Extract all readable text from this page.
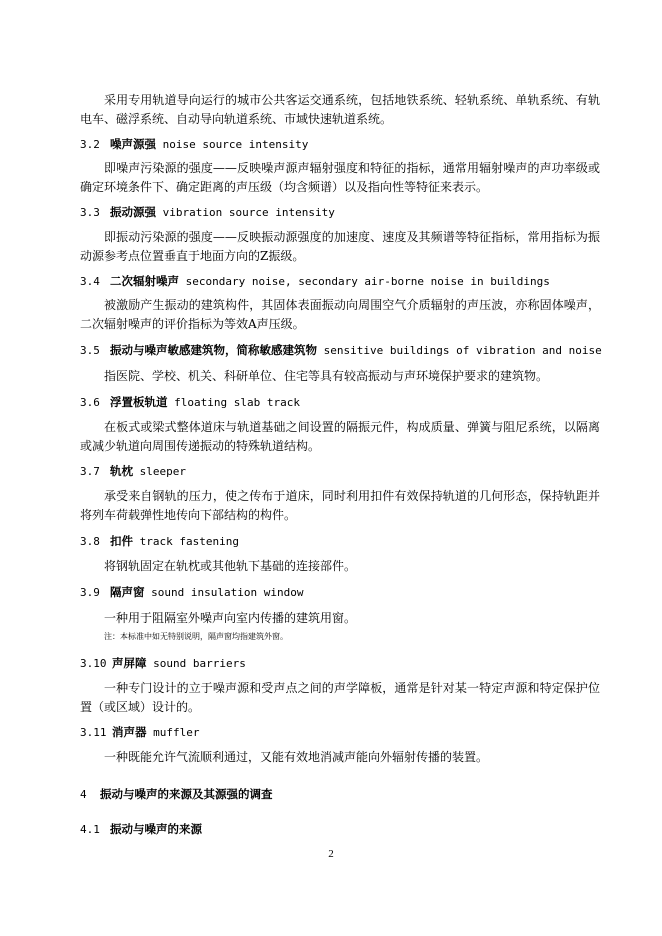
采用专用轨道导向运行的城市公共客运交通系统，包括地铁系统、轻轨系统、单轨系统、有轨电车、磁浮系统、自动导向轨道系统、市域快速轨道系统。

3.2 噪声源强 noise source intensity

即噪声污染源的强度——反映噪声源声辐射强度和特征的指标，通常用辐射噪声的声功率级或确定环境条件下、确定距离的声压级（均含频谱）以及指向性等特征来表示。

3.3 振动源强 vibration source intensity

即振动污染源的强度——反映振动源强度的加速度、速度及其频谱等特征指标，常用指标为振动源参考点位置垂直于地面方向的Z振级。

3.4 二次辐射噪声 secondary noise, secondary air-borne noise in buildings

被激励产生振动的建筑构件，其固体表面振动向周围空气介质辐射的声压波，亦称固体噪声，二次辐射噪声的评价指标为等效A声压级。

3.5 振动与噪声敏感建筑物，简称敏感建筑物 sensitive buildings of vibration and noise

指医院、学校、机关、科研单位、住宅等具有较高振动与声环境保护要求的建筑物。

3.6 浮置板轨道 floating slab track

在板式或梁式整体道床与轨道基础之间设置的隔振元件，构成质量、弹簧与阻尼系统，以隔离或减少轨道向周围传递振动的特殊轨道结构。

3.7 轨枕 sleeper

承受来自钢轨的压力，使之传布于道床，同时利用扣件有效保持轨道的几何形态，保持轨距并将列车荷载弹性地传向下部结构的构件。

3.8 扣件 track fastening

将钢轨固定在轨枕或其他轨下基础的连接部件。

3.9 隔声窗 sound insulation window

一种用于阻隔室外噪声向室内传播的建筑用窗。

注：本标准中如无特别说明，隔声窗均指建筑外窗。

3.10 声屏障 sound barriers

一种专门设计的立于噪声源和受声点之间的声学障板，通常是针对某一特定声源和特定保护位置（或区域）设计的。

3.11 消声器 muffler

一种既能允许气流顺利通过，又能有效地消减声能向外辐射传播的装置。

4 振动与噪声的来源及其源强的调查
4.1 振动与噪声的来源
2
